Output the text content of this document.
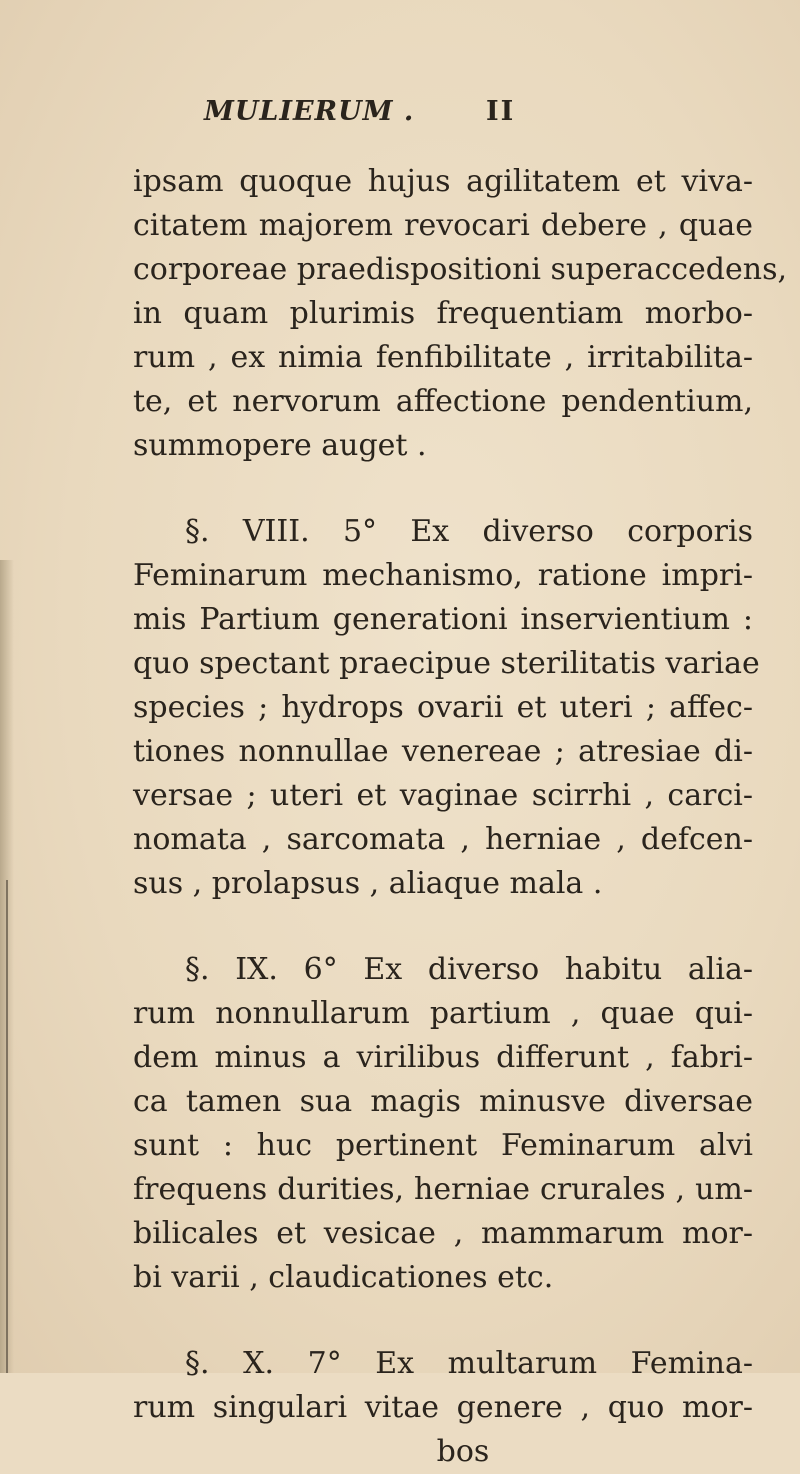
MULIERUM .	II
ipsam quoque hujus agilitatem et viva-
citatem majorem revocari debere , quae
corporeae praedispositioni superaccedens,
in quam plurimis frequentiam morbo-
rum , ex nimia fenfibilitate , irritabilita-
te, et nervorum affectione pendentium,
summopere auget .
§. VIII. 5° Ex diverso corporis
Feminarum mechanismo, ratione impri-
mis Partium generationi inservientium :
quo spectant praecipue sterilitatis variae
species ; hydrops ovarii et uteri ; affec-
tiones nonnullae venereae ; atresiae di-
versae ; uteri et vaginae scirrhi , carci-
nomata , sarcomata , herniae , defcen-
sus , prolapsus , aliaque mala .
§. IX. 6° Ex diverso habitu alia-
rum nonnullarum partium , quae qui-
dem minus a virilibus differunt , fabri-
ca tamen sua magis minusve diversae
sunt : huc pertinent Feminarum alvi
frequens durities, herniae crurales , um-
bilicales et vesicae , mammarum mor-
bi varii , claudicationes etc.
§. X. 7° Ex multarum Femina-
rum singulari vitae genere , quo mor-
bos
